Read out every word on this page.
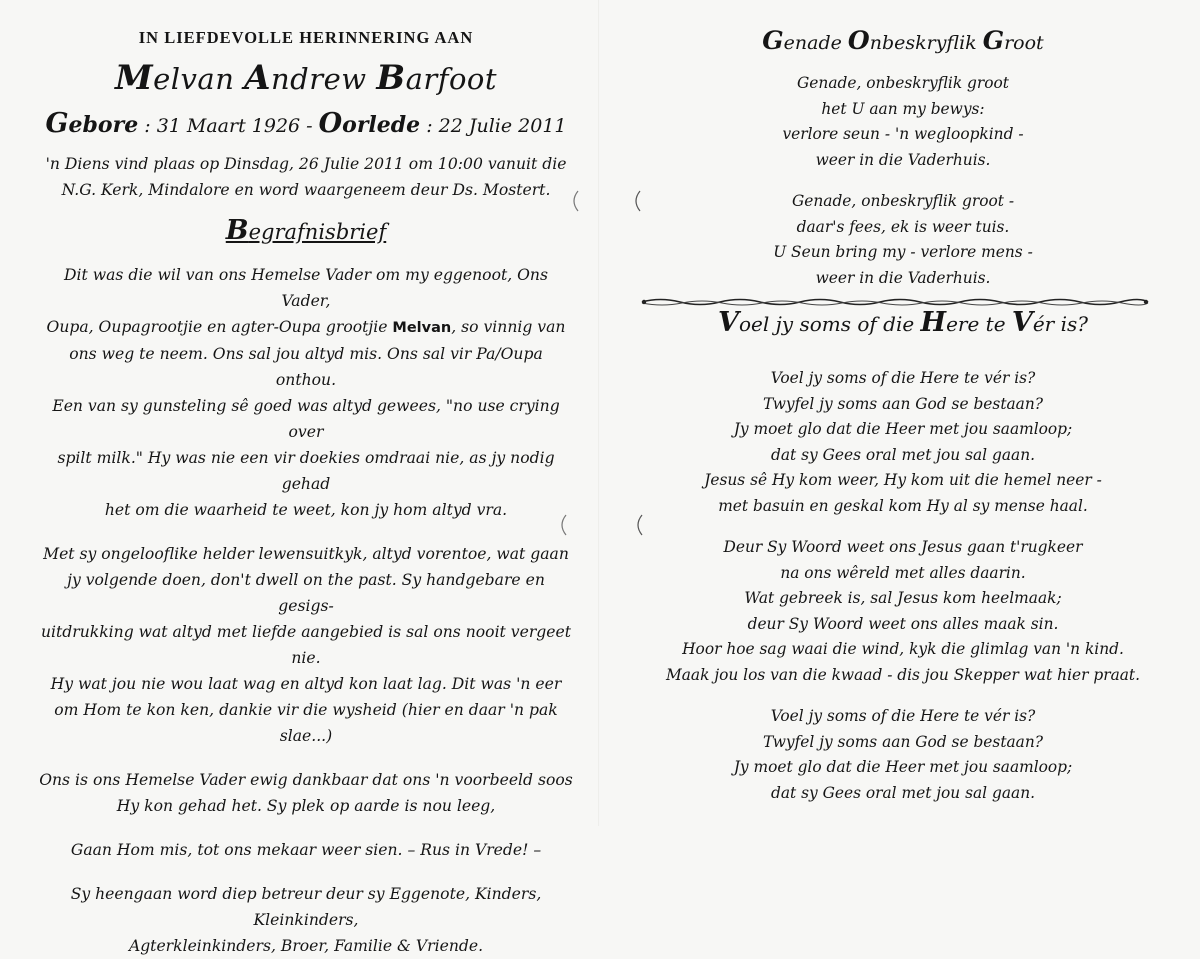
IN LIEFDEVOLLE HERINNERING AAN
Melvan Andrew Barfoot
Gebore : 31 Maart 1926 - Oorlede : 22 Julie 2011
'n Diens vind plaas op Dinsdag, 26 Julie 2011 om 10:00 vanuit die
N.G. Kerk, Mindalore en word waargeneem deur Ds. Mostert.
Begrafnisbrief
Dit was die wil van ons Hemelse Vader om my eggenoot, Ons Vader,
Oupa, Oupagrootjie en agter-Oupa grootjie Melvan, so vinnig van
ons weg te neem. Ons sal jou altyd mis. Ons sal vir Pa/Oupa onthou.
Een van sy gunsteling sê goed was altyd gewees, "no use crying over
spilt milk." Hy was nie een vir doekies omdraai nie, as jy nodig gehad
het om die waarheid te weet, kon jy hom altyd vra.
Met sy ongelooflike helder lewensuitkyk, altyd vorentoe, wat gaan
jy volgende doen, don't dwell on the past. Sy handgebare en gesigs-
uitdrukking wat altyd met liefde aangebied is sal ons nooit vergeet nie.
Hy wat jou nie wou laat wag en altyd kon laat lag. Dit was 'n eer
om Hom te kon ken, dankie vir die wysheid (hier en daar 'n pak slae...)
Ons is ons Hemelse Vader ewig dankbaar dat ons 'n voorbeeld soos
Hy kon gehad het. Sy plek op aarde is nou leeg,
Gaan Hom mis, tot ons mekaar weer sien. – Rus in Vrede! –
Sy heengaan word diep betreur deur sy Eggenote, Kinders, Kleinkinders,
Agterkleinkinders, Broer, Familie & Vriende.
Genade Onbeskryflik Groot

Genade, onbeskryflik groot

het U aan my bewys:

verlore seun - 'n wegloopkind -

weer in die Vaderhuis.

Genade, onbeskryflik groot -

daar's fees, ek is weer tuis.

U Seun bring my - verlore mens -

weer in die Vaderhuis.

Voel jy soms of die Here te Vér is?

Voel jy soms of die Here te vér is?

Twyfel jy soms aan God se bestaan?

Jy moet glo dat die Heer met jou saamloop;

dat sy Gees oral met jou sal gaan.

Jesus sê Hy kom weer, Hy kom uit die hemel neer -

met basuin en geskal kom Hy al sy mense haal.

Deur Sy Woord weet ons Jesus gaan t'rugkeer

na ons wêreld met alles daarin.

Wat gebreek is, sal Jesus kom heelmaak;

deur Sy Woord weet ons alles maak sin.

Hoor hoe sag waai die wind, kyk die glimlag van 'n kind.

Maak jou los van die kwaad - dis jou Skepper wat hier praat.

Voel jy soms of die Here te vér is?

Twyfel jy soms aan God se bestaan?

Jy moet glo dat die Heer met jou saamloop;

dat sy Gees oral met jou sal gaan.
